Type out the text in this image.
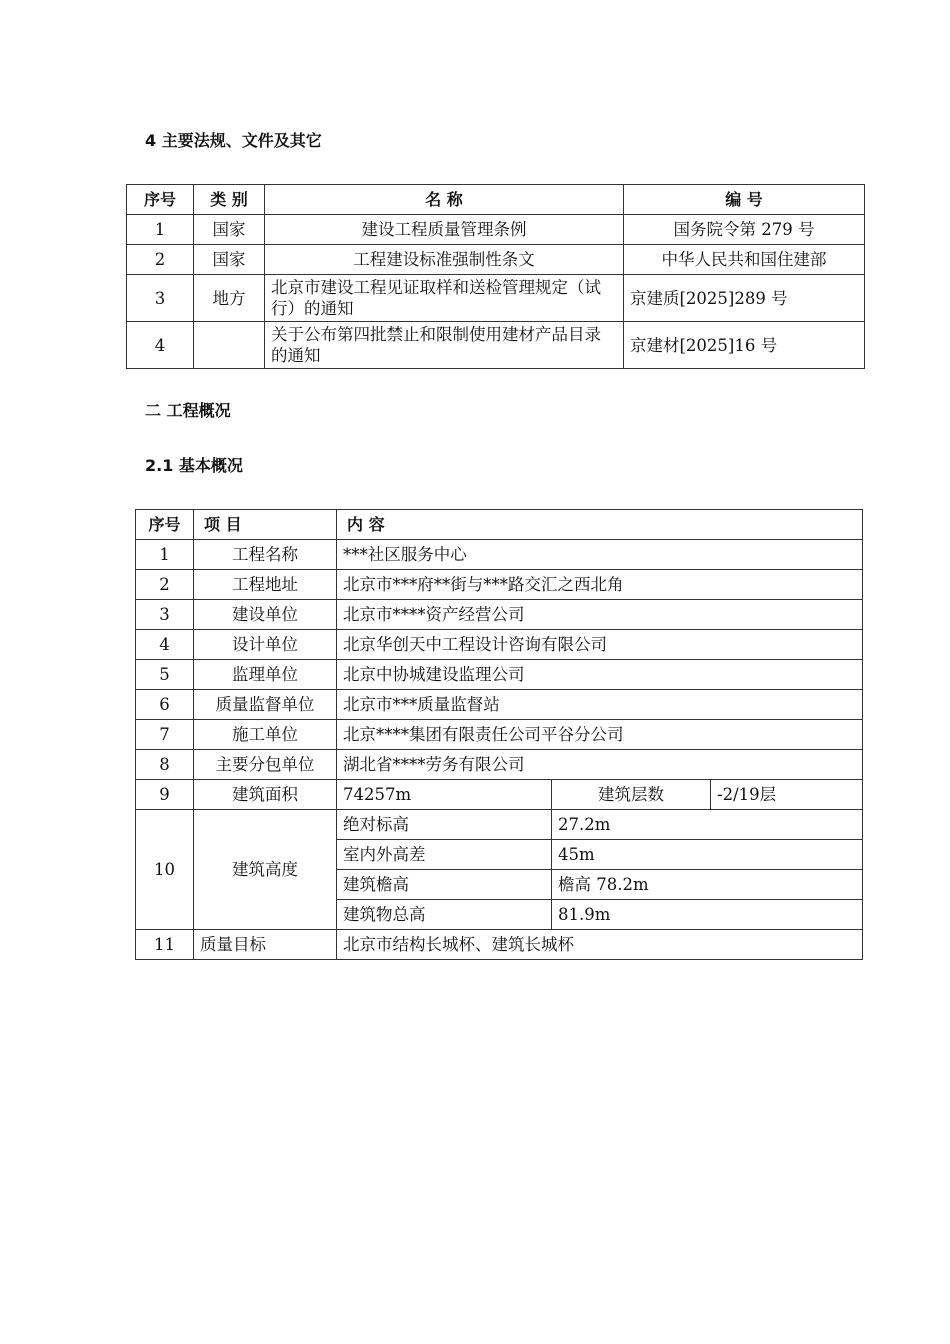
4 主要法规、文件及其它
序号	类 别	名 称	编 号
1	国家	建设工程质量管理条例	国务院令第 279 号
2	国家	工程建设标准强制性条文	中华人民共和国住建部
3	地方	北京市建设工程见证取样和送检管理规定（试行）的通知	京建质[2025]289 号
4		关于公布第四批禁止和限制使用建材产品目录的通知	京建材[2025]16 号
二 工程概况
2.1 基本概况
序号	项 目	内 容		
1	工程名称	***社区服务中心		
2	工程地址	北京市***府**街与***路交汇之西北角		
3	建设单位	北京市****资产经营公司		
4	设计单位	北京华创天中工程设计咨询有限公司		
5	监理单位	北京中协城建设监理公司		
6	质量监督单位	北京市***质量监督站		
7	施工单位	北京****集团有限责任公司平谷分公司		
8	主要分包单位	湖北省****劳务有限公司		
9	建筑面积	74257m	建筑层数	-2/19层
10	建筑高度	绝对标高	27.2m	
		室内外高差	45m	
		建筑檐高	檐高 78.2m	
		建筑物总高	81.9m	
11	质量目标	北京市结构长城杯、建筑长城杯		
